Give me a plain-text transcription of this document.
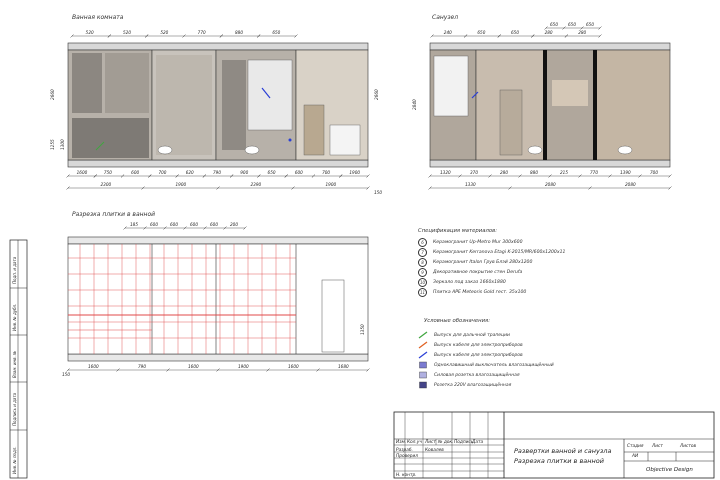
Ванная комната	Санузел
Разрезка плитки в ванной
520	520	520	770	880	650	240	650	650	280	280
650 650 650
1600	750	600	700	620	790	900	650	600	700	1900
2300	1900	2390	1900
1320	370	280	880	215	770	1390	700
1330	2080	2080
185	600	600	600	600	200
1600	790	1600	1900	1600	1680
2660	2660
2840
1255 1300
1350
150
150
Спецификация материалов:
6	Керамогранит Up-Metro Mur 300x600
7	Керамогранит Kerranova Etagi K-2015/MR/600x1200x11
8	Керамогранит Italon Грув Блэй 280x1200
9	Декоративное покрытие стен Derufa
10	Зеркало под заказ 1660х1880
11	Плитка APE Meteoris Gold гест. 35x100
Условные обозначения:
Выпуск для дальчной трапеции
Выпуск кабеля для электроприборов
Выпуск кабеля для электроприборов
Одноклавишный выключатель влагозащищённый
Силовая розетка влагозащищённая
Розетка 220V влагозащищённая
Изм. Кол.уч Лист № док. Подпись
Дата
Разраб.	Ковалев
Проверил
Н. контр.
Развертки ванной и санузла
Разрезка плитки в ванной
Стадия Лист	Листов
АИ
Objective Design
Подп. и дата
Инв. № дубл.
Взам. инв. №
Подпись и дата
Инв. № подл.
